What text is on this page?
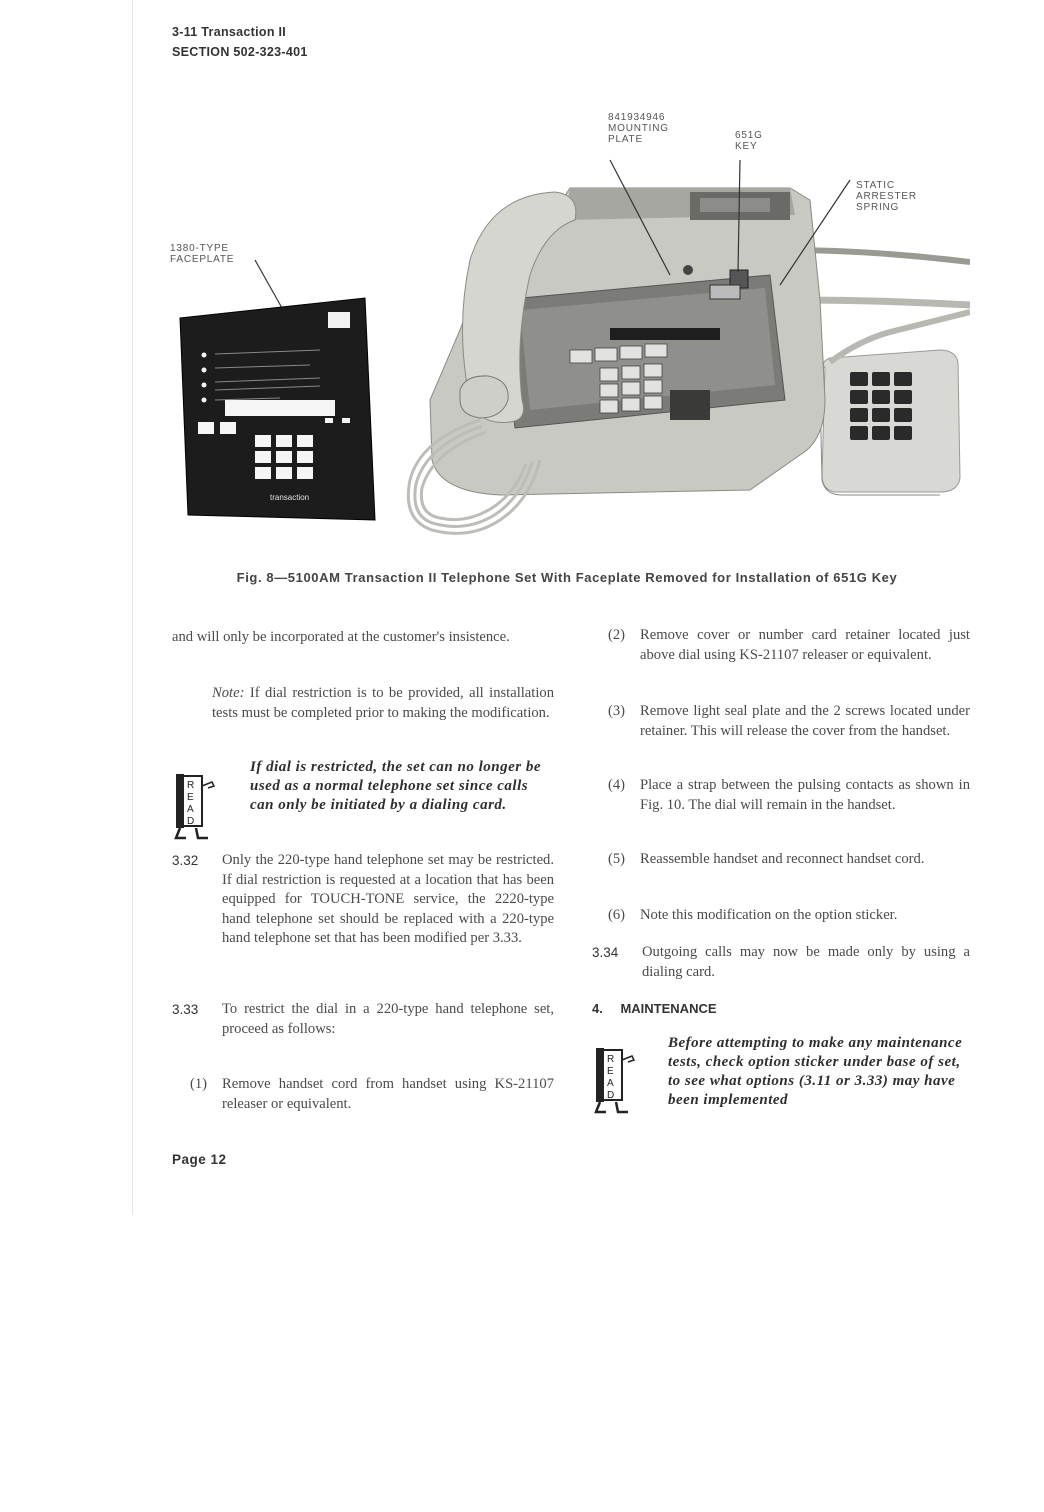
3-11 Transaction II
SECTION 502-323-401
transaction
841934946
MOUNTING
PLATE	651G
KEY
STATIC
ARRESTER
SPRING
1380-TYPE
FACEPLATE
Fig. 8—5100AM Transaction II Telephone Set With Faceplate Removed for Installation of 651G Key

and will only be incorporated at the customer's insistence.

Note: If dial restriction is to be provided, all installation tests must be completed prior to making the modification.

R
E
A
D
If dial is restricted, the set can no longer be used as a normal telephone set since calls can only be initiated by a dialing card.

3.32 Only the 220-type hand telephone set may be restricted. If dial restriction is requested at a location that has been equipped for TOUCH-TONE service, the 2220-type hand telephone set should be replaced with a 220-type hand telephone set that has been modified per 3.33.

3.33 To restrict the dial in a 220-type hand telephone set, proceed as follows:

(1) Remove handset cord from handset using KS-21107 releaser or equivalent.

(2) Remove cover or number card retainer located just above dial using KS-21107 releaser or equivalent.

(3) Remove light seal plate and the 2 screws located under retainer. This will release the cover from the handset.

(4) Place a strap between the pulsing contacts as shown in Fig. 10. The dial will remain in the handset.

(5) Reassemble handset and reconnect handset cord.

(6) Note this modification on the option sticker.

3.34 Outgoing calls may now be made only by using a dialing card.

4. MAINTENANCE
R
E
A
D
Before attempting to make any maintenance tests, check option sticker under base of set, to see what options (3.11 or 3.33) may have been implemented
Page 12
